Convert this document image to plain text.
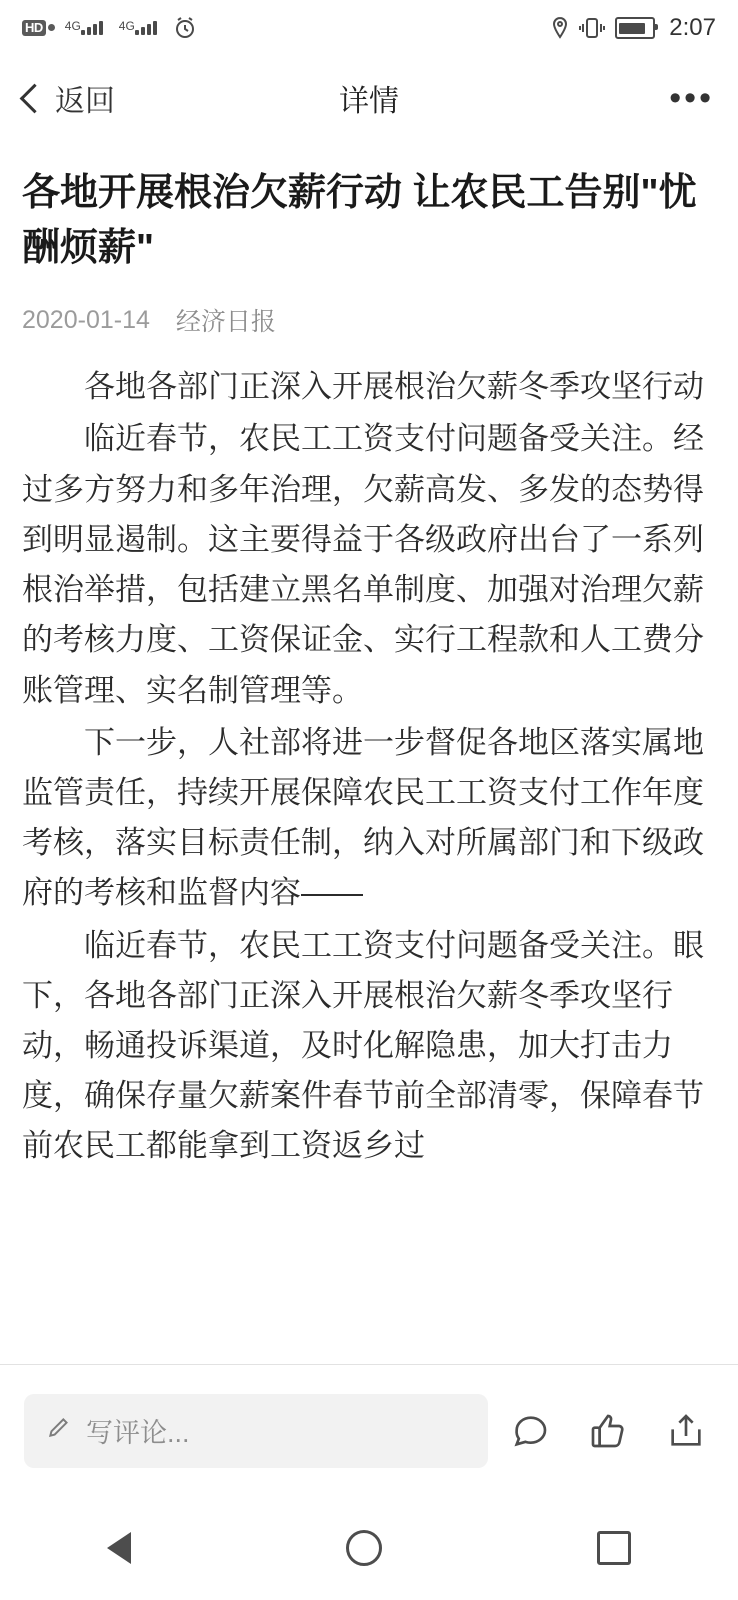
HD 4G	4G	2:07
返回	详情	•••
各地开展根治欠薪行动 让农民工告别"忧酬烦薪"
2020-01-14 经济日报

各地各部门正深入开展根治欠薪冬季攻坚行动

临近春节，农民工工资支付问题备受关注。经过多方努力和多年治理，欠薪高发、多发的态势得到明显遏制。这主要得益于各级政府出台了一系列根治举措，包括建立黑名单制度、加强对治理欠薪的考核力度、工资保证金、实行工程款和人工费分账管理、实名制管理等。

下一步，人社部将进一步督促各地区落实属地监管责任，持续开展保障农民工工资支付工作年度考核，落实目标责任制，纳入对所属部门和下级政府的考核和监督内容——

临近春节，农民工工资支付问题备受关注。眼下，各地各部门正深入开展根治欠薪冬季攻坚行动，畅通投诉渠道，及时化解隐患，加大打击力度，确保存量欠薪案件春节前全部清零，保障春节前农民工都能拿到工资返乡过

写评论...
